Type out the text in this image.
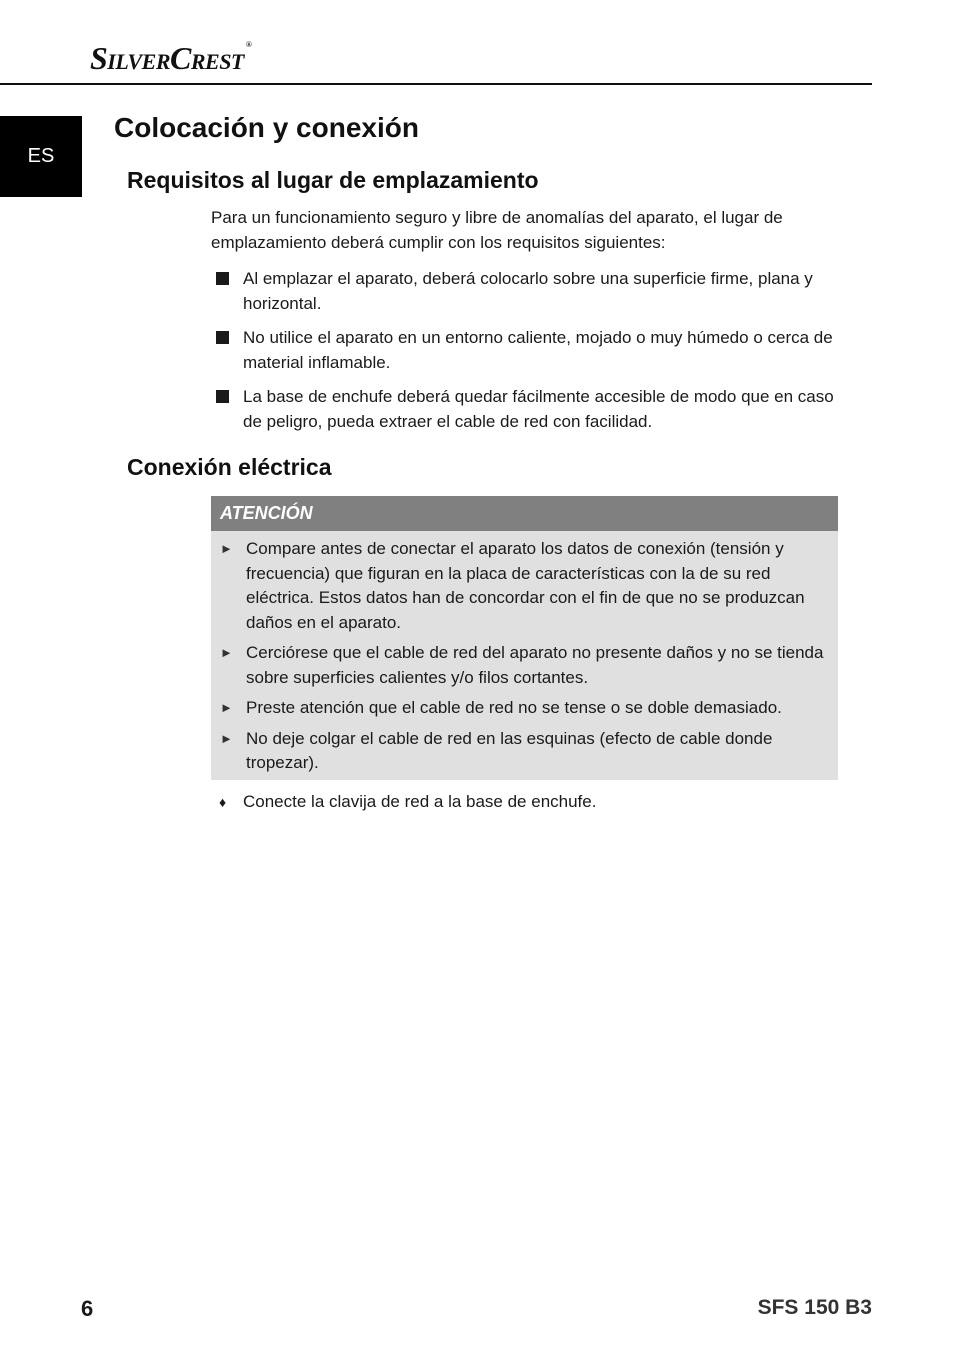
SilverCrest ®
ES
Colocación y conexión
Requisitos al lugar de emplazamiento
Para un funcionamiento seguro y libre de anomalías del aparato, el lugar de emplazamiento deberá cumplir con los requisitos siguientes:
Al emplazar el aparato, deberá colocarlo sobre una superficie firme, plana y horizontal.
No utilice el aparato en un entorno caliente, mojado o muy húmedo o cerca de material inflamable.
La base de enchufe deberá quedar fácilmente accesible de modo que en caso de peligro, pueda extraer el cable de red con facilidad.
Conexión eléctrica
ATENCIÓN
► Compare antes de conectar el aparato los datos de conexión (tensión y frecuencia) que figuran en la placa de características con la de su red eléctrica. Estos datos han de concordar con el fin de que no se produzcan daños en el aparato.
► Cerciórese que el cable de red del aparato no presente daños y no se tienda sobre superficies calientes y/o filos cortantes.
► Preste atención que el cable de red no se tense o se doble demasiado.
► No deje colgar el cable de red en las esquinas (efecto de cable donde tropezar).
♦ Conecte la clavija de red a la base de enchufe.
6	SFS 150 B3
